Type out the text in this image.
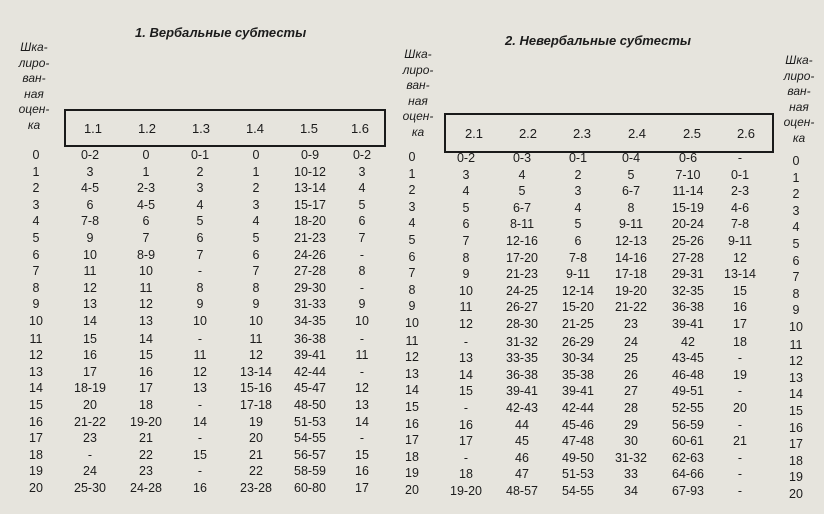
1. Вербальные субтесты
2. Невербальные субтесты
Шка-
лиро-
ван-
ная
оцен-
ка
Шка-
лиро-
ван-
ная
оцен-
ка
Шка-
лиро-
ван-
ная
оцен-
ка
1.1	1.2	1.3	1.4	1.5	1.6	2.1	2.2	2.3	2.4	2.5	2.6
0	0-2	0	0-1	0	0-9	0-2	0	0-2	0-3	0-1	0-4	0-6	-	0
1	3	1	2	1	10-12	3	1	3	4	2	5	7-10	0-1	1
2	4-5	2-3	3	2	13-14	4	2	4	5	3	6-7	11-14	2-3	2
3	6	4-5	4	3	15-17	5	3	5	6-7	4	8	15-19	4-6	3
4	7-8	6	5	4	18-20	6	4	6	8-11	5	9-11	20-24	7-8	4
5	9	7	6	5	21-23	7	5	7	12-16	6	12-13	25-26	9-11	5
6	10	8-9	7	6	24-26	-	6	8	17-20	7-8	14-16	27-28	12	6
7	11	10	-	7	27-28	8	7	9	21-23	9-11	17-18	29-31	13-14	7
8	12	11	8	8	29-30	-	8	10	24-25	12-14	19-20	32-35	15	8
9	13	12	9	9	31-33	9	9	11	26-27	15-20	21-22	36-38	16	9
10	14	13	10	10	34-35	10	10	12	28-30	21-25	23	39-41	17	10
11	15	14	-	11	36-38	-	11	-	31-32	26-29	24	42	18	11
12	16	15	11	12	39-41	11	12	13	33-35	30-34	25	43-45	-	12
13	17	16	12	13-14	42-44	-	13	14	36-38	35-38	26	46-48	19	13
14	18-19	17	13	15-16	45-47	12	14	15	39-41	39-41	27	49-51	-	14
15	20	18	-	17-18	48-50	13	15	-	42-43	42-44	28	52-55	20	15
16	21-22	19-20	14	19	51-53	14	16	16	44	45-46	29	56-59	-	16
17	23	21	-	20	54-55	-	17	17	45	47-48	30	60-61	21	17
18	-	22	15	21	56-57	15	18	-	46	49-50	31-32	62-63	-	18
19	24	23	-	22	58-59	16	19	18	47	51-53	33	64-66	-	19
20	25-30	24-28	16	23-28	60-80	17	20	19-20	48-57	54-55	34	67-93	-	20
